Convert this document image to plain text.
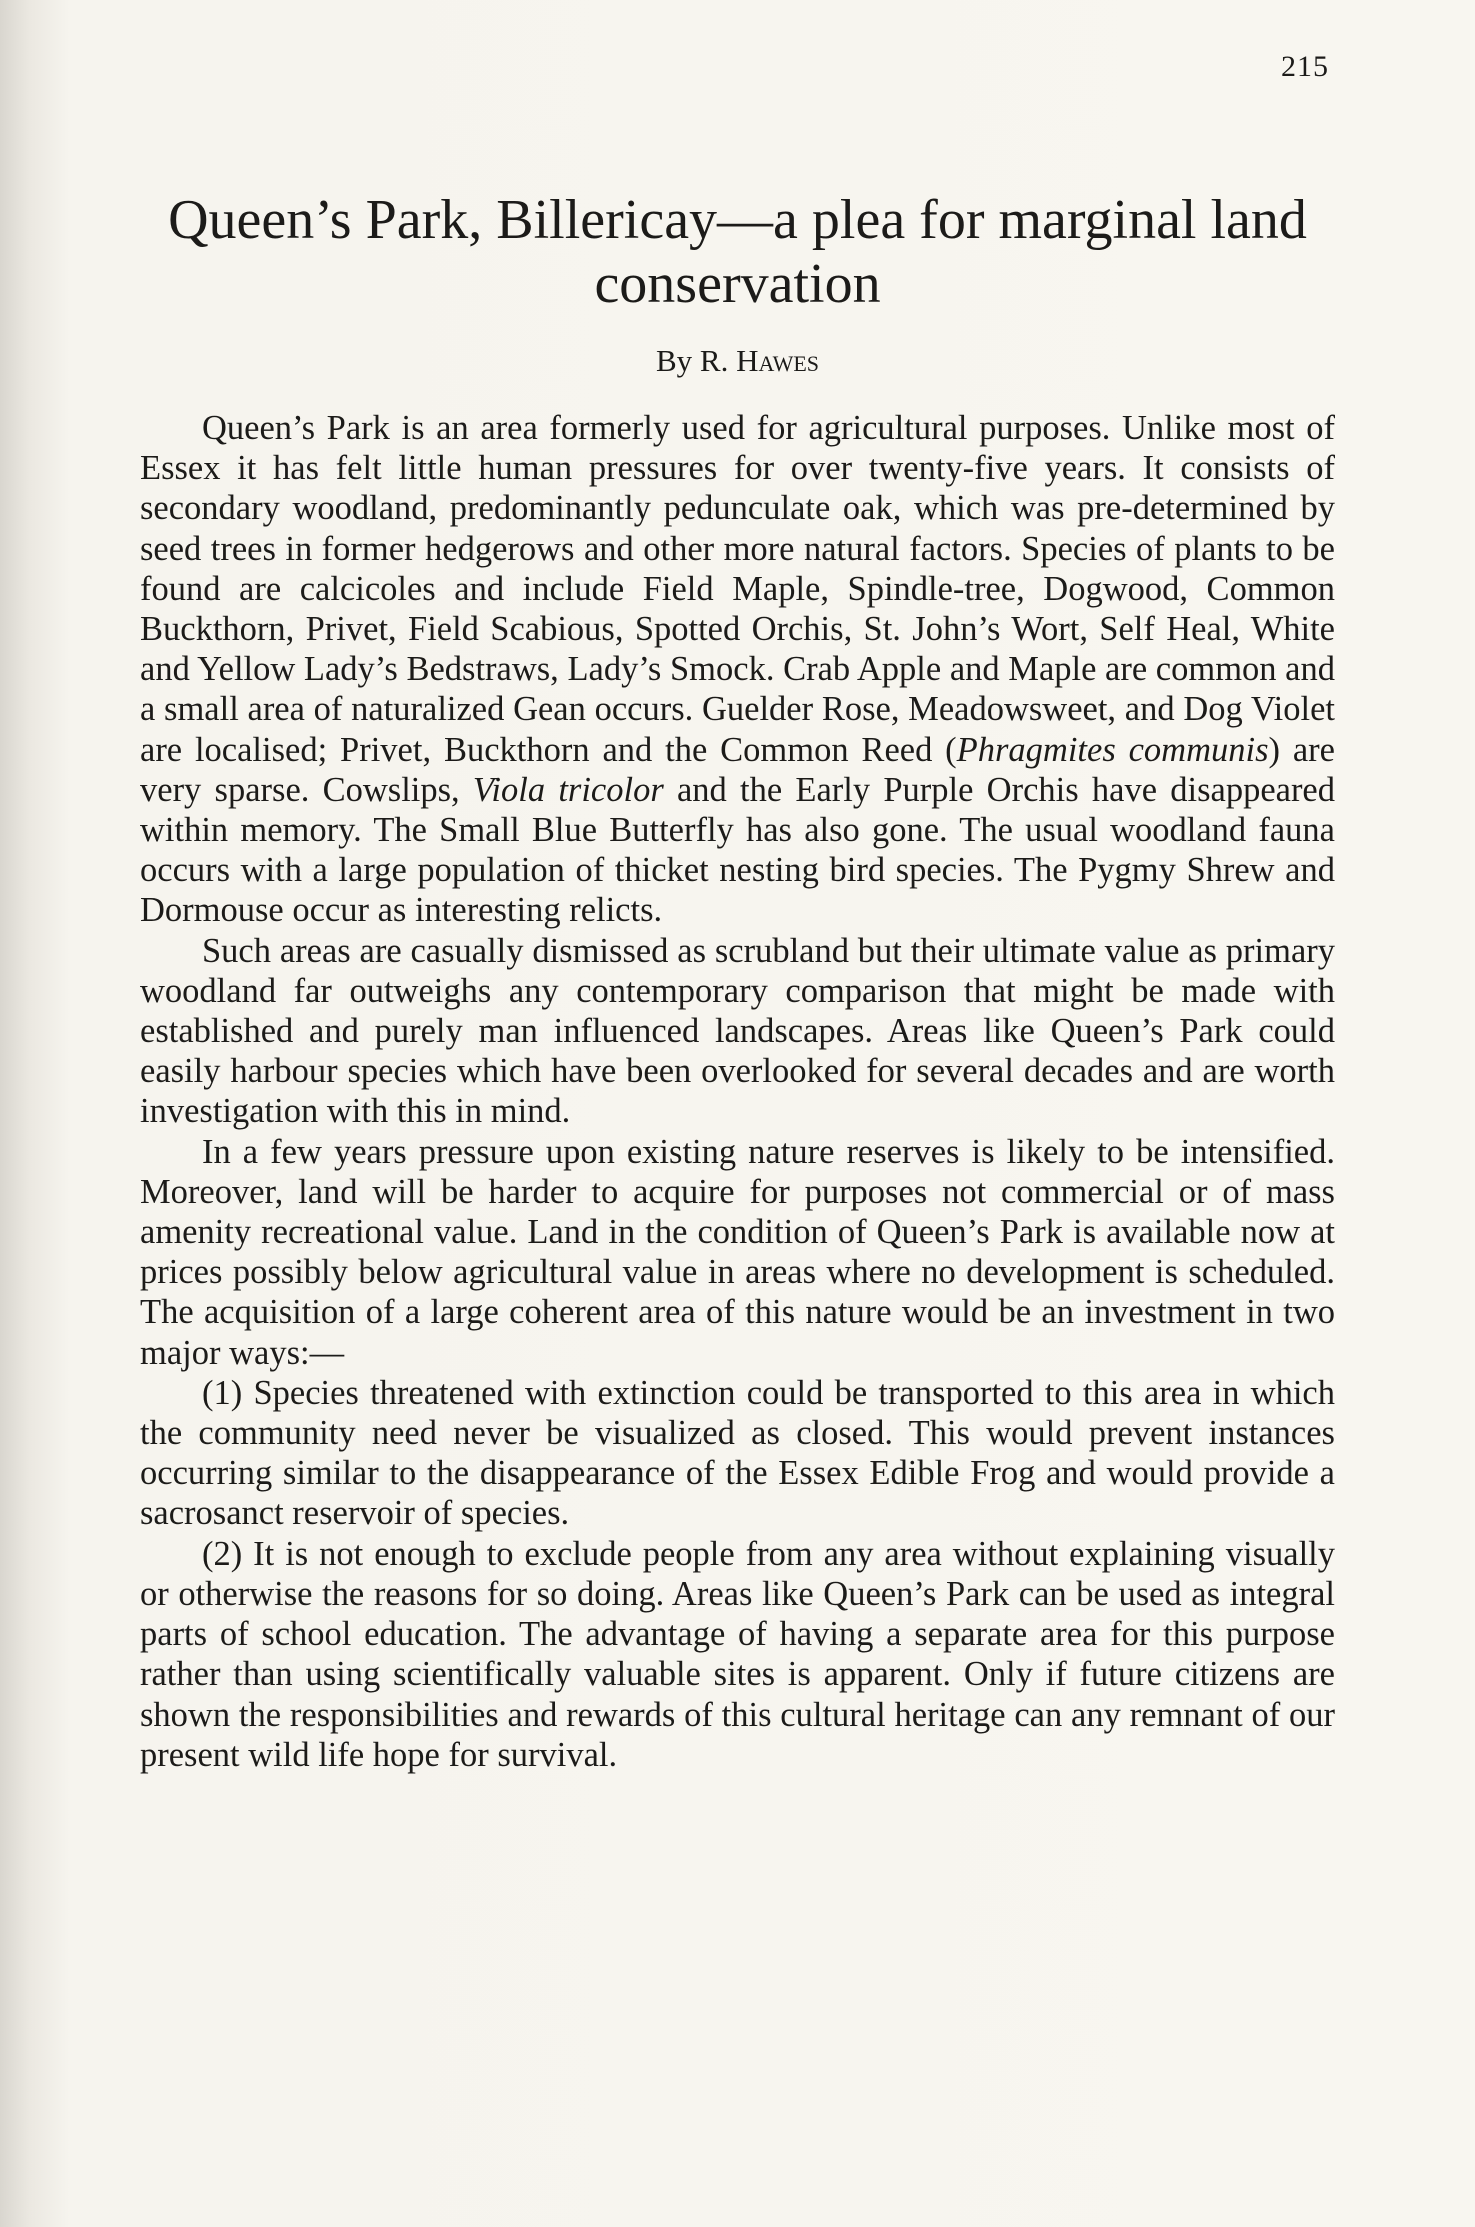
215
Queen’s Park, Billericay—a plea for marginal land conservation
By R. Hawes

Queen’s Park is an area formerly used for agricultural purposes. Unlike most of Essex it has felt little human pressures for over twenty-five years. It consists of secondary woodland, predominantly pedunculate oak, which was pre-determined by seed trees in former hedgerows and other more natural factors. Species of plants to be found are calcicoles and include Field Maple, Spindle-tree, Dogwood, Common Buckthorn, Privet, Field Scabious, Spotted Orchis, St. John’s Wort, Self Heal, White and Yellow Lady’s Bedstraws, Lady’s Smock. Crab Apple and Maple are common and a small area of naturalized Gean occurs. Guelder Rose, Meadowsweet, and Dog Violet are localised; Privet, Buckthorn and the Common Reed (Phragmites communis) are very sparse. Cowslips, Viola tricolor and the Early Purple Orchis have disappeared within memory. The Small Blue Butterfly has also gone. The usual woodland fauna occurs with a large population of thicket nesting bird species. The Pygmy Shrew and Dormouse occur as interesting relicts.

Such areas are casually dismissed as scrubland but their ultimate value as primary woodland far outweighs any contemporary comparison that might be made with established and purely man influenced landscapes. Areas like Queen’s Park could easily harbour species which have been overlooked for several decades and are worth investigation with this in mind.

In a few years pressure upon existing nature reserves is likely to be intensified. Moreover, land will be harder to acquire for purposes not commercial or of mass amenity recreational value. Land in the condition of Queen’s Park is available now at prices possibly below agricultural value in areas where no development is scheduled. The acquisition of a large coherent area of this nature would be an investment in two major ways:—

(1) Species threatened with extinction could be transported to this area in which the community need never be visualized as closed. This would prevent instances occurring similar to the disappearance of the Essex Edible Frog and would provide a sacrosanct reservoir of species.

(2) It is not enough to exclude people from any area without explaining visually or otherwise the reasons for so doing. Areas like Queen’s Park can be used as integral parts of school education. The advantage of having a separate area for this purpose rather than using scientifically valuable sites is apparent. Only if future citizens are shown the responsibilities and rewards of this cultural heritage can any remnant of our present wild life hope for survival.
